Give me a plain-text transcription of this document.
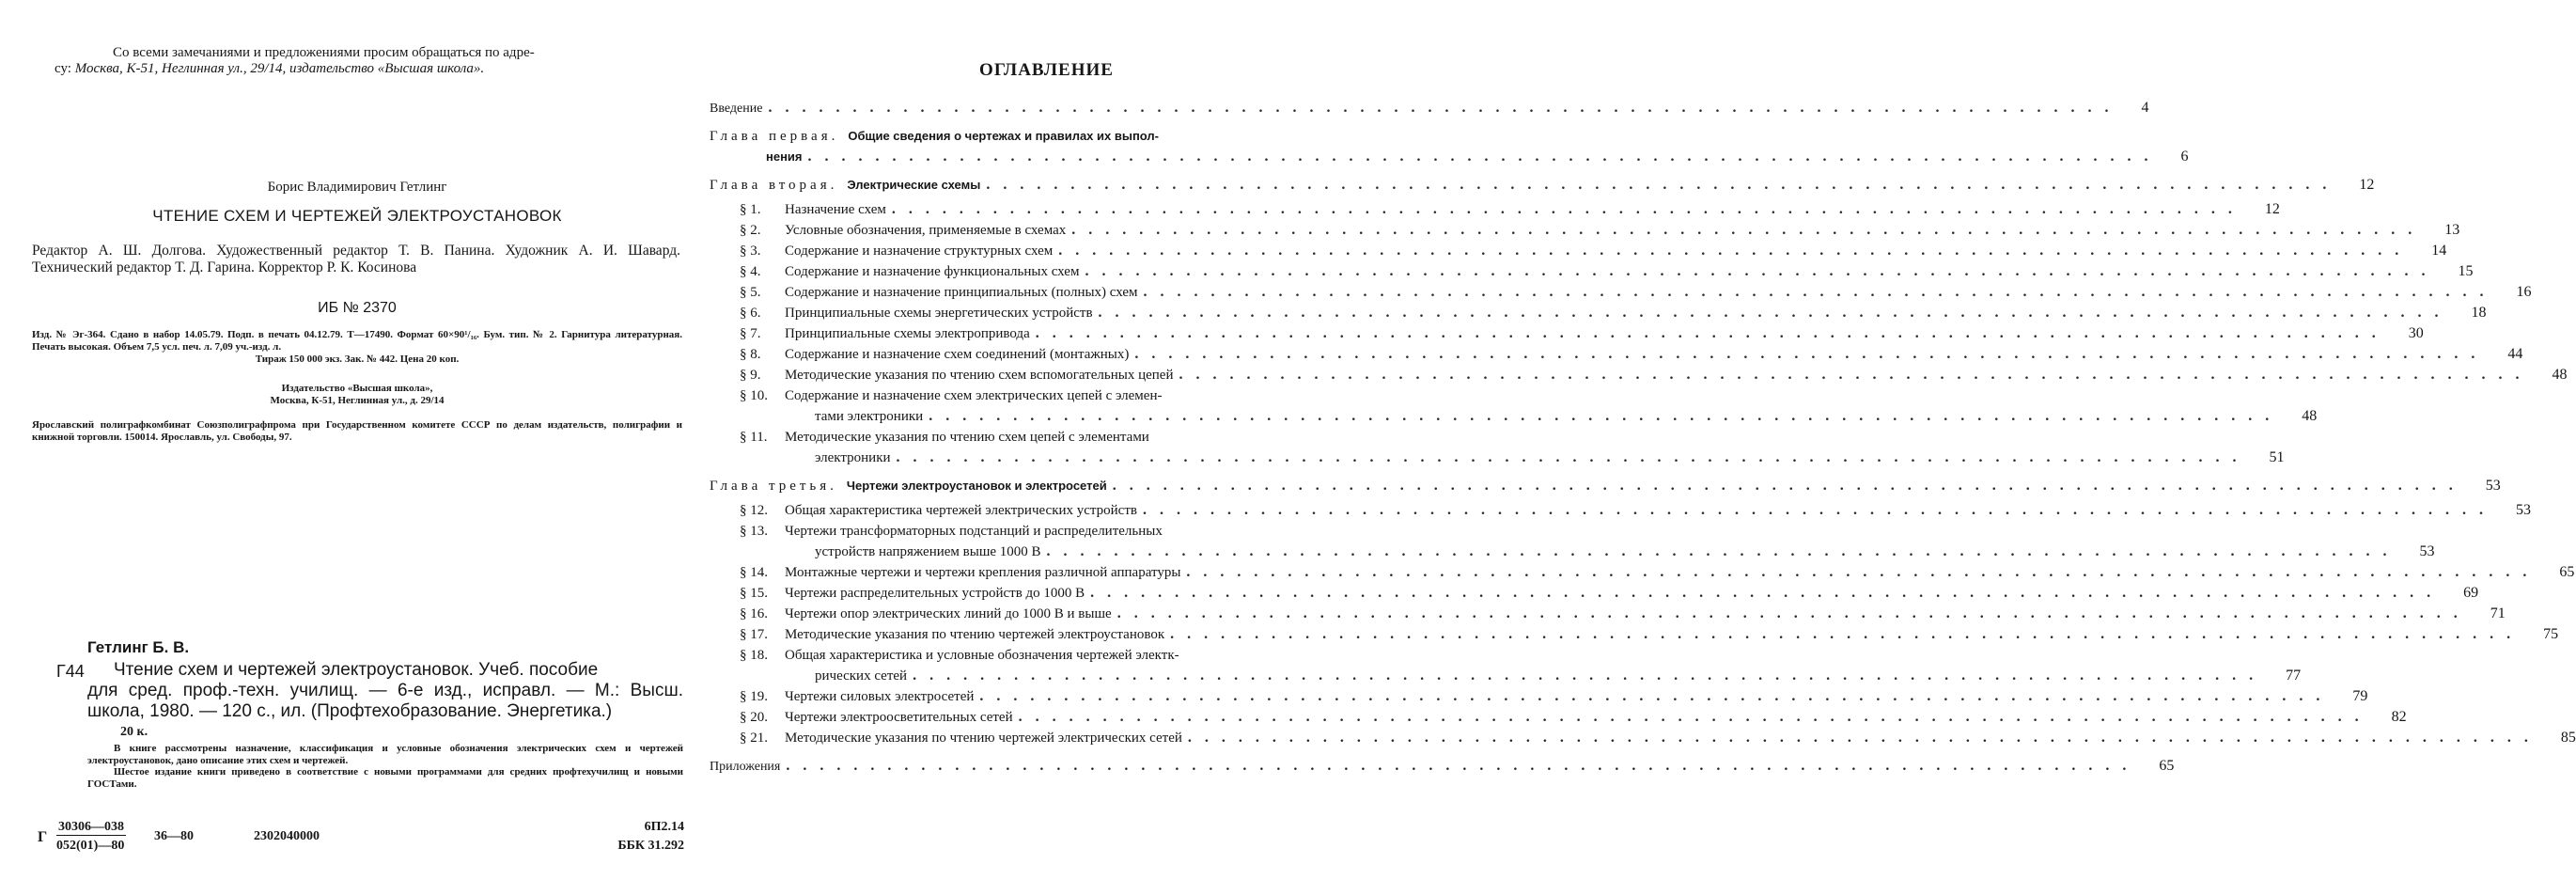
Со всеми замечаниями и предложениями просим обращаться по адре-
су: Москва, К-51, Неглинная ул., 29/14, издательство «Высшая школа».
Борис Владимирович Гетлинг
ЧТЕНИЕ СХЕМ И ЧЕРТЕЖЕЙ ЭЛЕКТРОУСТАНОВОК
Редактор А. Ш. Долгова. Художественный редактор Т. В. Панина. Художник А. И. Шавард. Технический редактор Т. Д. Гарина. Корректор Р. К. Косинова
ИБ № 2370
Изд. № Эг-364. Сдано в набор 14.05.79. Подп. в печать 04.12.79. Т—17490. Формат 60×90¹/₁₆. Бум. тип. № 2. Гарнитура литературная. Печать высокая. Объем 7,5 усл. печ. л. 7,09 уч.-изд. л.
Тираж 150 000 экз. Зак. № 442. Цена 20 коп.
Издательство «Высшая школа»,
Москва, К-51, Неглинная ул., д. 29/14
Ярославский полиграфкомбинат Союзполиграфпрома при Государственном комитете СССР по делам издательств, полиграфии и книжной торговли. 150014. Ярославль, ул. Свободы, 97.
Гетлинг Б. В.
Г44	Чтение схем и чертежей электроустановок. Учеб. пособие
для сред. проф.-техн. училищ. — 6-е изд., исправл. — М.: Высш. школа, 1980. — 120 с., ил. (Профтехобразование. Энергетика.)
20 к.
В книге рассмотрены назначение, классификация и условные обозначения электрических схем и чертежей электроустановок, дано описание этих схем и чертежей.
Шестое издание книги приведено в соответствие с новыми программами для средних профтехучилищ и новыми ГОСТами.
Г
30306—038
052(01)—80
36—80	2302040000
6П2.14
ББК 31.292
ОГЛАВЛЕНИЕ
Введение . . . . . . . . . . . . . . . . . . . . . . . . . . . . . . . . . . . . . . . . . . . . . . . . . . . . . . . . . . . . . . . . . . . . . . . . . . . . . . . . 4
Глава первая. Общие сведения о чертежах и правилах их выпол-
нения . . . . . . . . . . . . . . . . . . . . . . . . . . . . . . . . . . . . . . . . . . . . . . . . . . . . . . . . . . . . . . . . . . . . . . . . . . . . . . . . 6
Глава вторая. Электрические схемы . . . . . . . . . . . . . . . . . . . . . . . . . . . . . . . . . . . . . . . . . . . . . . . . . . . . . . . . . . . . . . . . . . . . . . . . . . . . . . . . 12
§ 1. Назначение схем . . . . . . . . . . . . . . . . . . . . . . . . . . . . . . . . . . . . . . . . . . . . . . . . . . . . . . . . . . . . . . . . . . . . . . . . . . . . . . . . 12
§ 2. Условные обозначения, применяемые в схемах . . . . . . . . . . . . . . . . . . . . . . . . . . . . . . . . . . . . . . . . . . . . . . . . . . . . . . . . . . . . . . . . . . . . . . . . . . . . . . . . 13
§ 3. Содержание и назначение структурных схем . . . . . . . . . . . . . . . . . . . . . . . . . . . . . . . . . . . . . . . . . . . . . . . . . . . . . . . . . . . . . . . . . . . . . . . . . . . . . . . . 14
§ 4. Содержание и назначение функциональных схем . . . . . . . . . . . . . . . . . . . . . . . . . . . . . . . . . . . . . . . . . . . . . . . . . . . . . . . . . . . . . . . . . . . . . . . . . . . . . . . . 15
§ 5. Содержание и назначение принципиальных (полных) схем . . . . . . . . . . . . . . . . . . . . . . . . . . . . . . . . . . . . . . . . . . . . . . . . . . . . . . . . . . . . . . . . . . . . . . . . . . . . . . . . 16
§ 6. Принципиальные схемы энергетических устройств . . . . . . . . . . . . . . . . . . . . . . . . . . . . . . . . . . . . . . . . . . . . . . . . . . . . . . . . . . . . . . . . . . . . . . . . . . . . . . . . 18
§ 7. Принципиальные схемы электропривода . . . . . . . . . . . . . . . . . . . . . . . . . . . . . . . . . . . . . . . . . . . . . . . . . . . . . . . . . . . . . . . . . . . . . . . . . . . . . . . . 30
§ 8. Содержание и назначение схем соединений (монтажных) . . . . . . . . . . . . . . . . . . . . . . . . . . . . . . . . . . . . . . . . . . . . . . . . . . . . . . . . . . . . . . . . . . . . . . . . . . . . . . . . 44
§ 9. Методические указания по чтению схем вспомогательных цепей . . . . . . . . . . . . . . . . . . . . . . . . . . . . . . . . . . . . . . . . . . . . . . . . . . . . . . . . . . . . . . . . . . . . . . . . . . . . . . . . 48
§ 10. Содержание и назначение схем электрических цепей с элемен-
тами электроники . . . . . . . . . . . . . . . . . . . . . . . . . . . . . . . . . . . . . . . . . . . . . . . . . . . . . . . . . . . . . . . . . . . . . . . . . . . . . . . . 48
§ 11. Методические указания по чтению схем цепей с элементами
электроники . . . . . . . . . . . . . . . . . . . . . . . . . . . . . . . . . . . . . . . . . . . . . . . . . . . . . . . . . . . . . . . . . . . . . . . . . . . . . . . . 51
Глава третья. Чертежи электроустановок и электросетей . . . . . . . . . . . . . . . . . . . . . . . . . . . . . . . . . . . . . . . . . . . . . . . . . . . . . . . . . . . . . . . . . . . . . . . . . . . . . . . . 53
§ 12. Общая характеристика чертежей электрических устройств . . . . . . . . . . . . . . . . . . . . . . . . . . . . . . . . . . . . . . . . . . . . . . . . . . . . . . . . . . . . . . . . . . . . . . . . . . . . . . . . 53
§ 13. Чертежи трансформаторных подстанций и распределительных
устройств напряжением выше 1000 В . . . . . . . . . . . . . . . . . . . . . . . . . . . . . . . . . . . . . . . . . . . . . . . . . . . . . . . . . . . . . . . . . . . . . . . . . . . . . . . . 53
§ 14. Монтажные чертежи и чертежи крепления различной аппаратуры . . . . . . . . . . . . . . . . . . . . . . . . . . . . . . . . . . . . . . . . . . . . . . . . . . . . . . . . . . . . . . . . . . . . . . . . . . . . . . . . 65
§ 15. Чертежи распределительных устройств до 1000 В . . . . . . . . . . . . . . . . . . . . . . . . . . . . . . . . . . . . . . . . . . . . . . . . . . . . . . . . . . . . . . . . . . . . . . . . . . . . . . . . 69
§ 16. Чертежи опор электрических линий до 1000 В и выше . . . . . . . . . . . . . . . . . . . . . . . . . . . . . . . . . . . . . . . . . . . . . . . . . . . . . . . . . . . . . . . . . . . . . . . . . . . . . . . . 71
§ 17. Методические указания по чтению чертежей электроустановок . . . . . . . . . . . . . . . . . . . . . . . . . . . . . . . . . . . . . . . . . . . . . . . . . . . . . . . . . . . . . . . . . . . . . . . . . . . . . . . . 75
§ 18. Общая характеристика и условные обозначения чертежей электк-
рических сетей . . . . . . . . . . . . . . . . . . . . . . . . . . . . . . . . . . . . . . . . . . . . . . . . . . . . . . . . . . . . . . . . . . . . . . . . . . . . . . . . 77
§ 19. Чертежи силовых электросетей . . . . . . . . . . . . . . . . . . . . . . . . . . . . . . . . . . . . . . . . . . . . . . . . . . . . . . . . . . . . . . . . . . . . . . . . . . . . . . . . 79
§ 20. Чертежи электроосветительных сетей . . . . . . . . . . . . . . . . . . . . . . . . . . . . . . . . . . . . . . . . . . . . . . . . . . . . . . . . . . . . . . . . . . . . . . . . . . . . . . . . 82
§ 21. Методические указания по чтению чертежей электрических сетей . . . . . . . . . . . . . . . . . . . . . . . . . . . . . . . . . . . . . . . . . . . . . . . . . . . . . . . . . . . . . . . . . . . . . . . . . . . . . . . . 85
Приложения . . . . . . . . . . . . . . . . . . . . . . . . . . . . . . . . . . . . . . . . . . . . . . . . . . . . . . . . . . . . . . . . . . . . . . . . . . . . . . . . 65
